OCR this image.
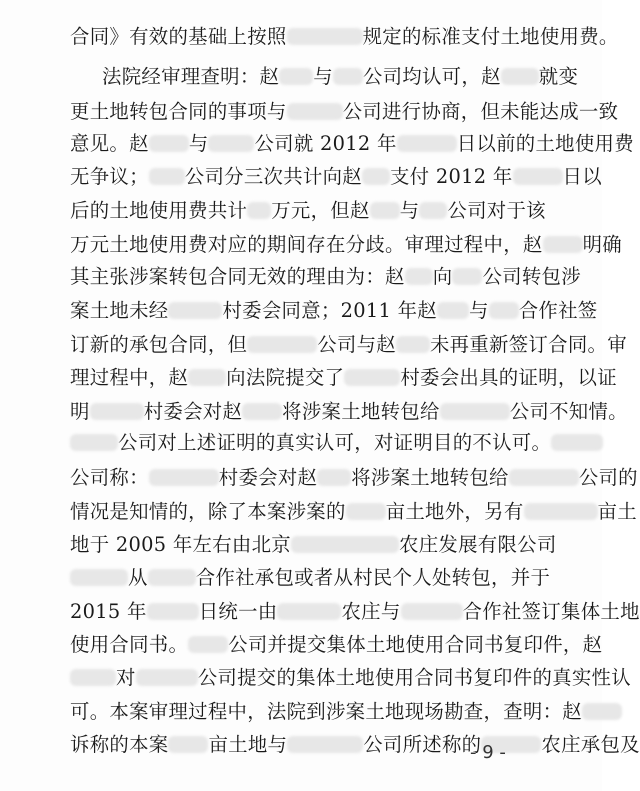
合同》有效的基础上按照	规定的标准支付土地使用费。
法院经审理查明：赵 与 公司均认可，赵 就变
更土地转包合同的事项与	公司进行协商，但未能达成一致
意见。赵 与 公司就 2012 年	日以前的土地使用费
无争议； 公司分三次共计向赵 支付 2012 年	日以
后的土地使用费共计 万元，但赵 与 公司对于该
万元土地使用费对应的期间存在分歧。审理过程中，赵 明确
其主张涉案转包合同无效的理由为：赵 向 公司转包涉
案土地未经	村委会同意；2011 年赵 与 合作社签
订新的承包合同，但	公司与赵 未再重新签订合同。审
理过程中，赵 向法院提交了	村委会出具的证明，以证
明	村委会对赵 将涉案土地转包给	公司不知情。
公司对上述证明的真实认可，对证明目的不认可。
公司称：	村委会对赵 将涉案土地转包给	公司的
情况是知情的，除了本案涉案的 亩土地外，另有	亩土
地于 2005 年左右由北京	农庄发展有限公司
从 合作社承包或者从村民个人处转包，并于
2015 年	日统一由	农庄与	合作社签订集体土地
使用合同书。 公司并提交集体土地使用合同书复印件，赵
对	公司提交的集体土地使用合同书复印件的真实性认
可。本案审理过程中，法院到涉案土地现场勘查，查明：赵
诉称的本案 亩土地与	公司所述称的	农庄承包及
- 9 -
